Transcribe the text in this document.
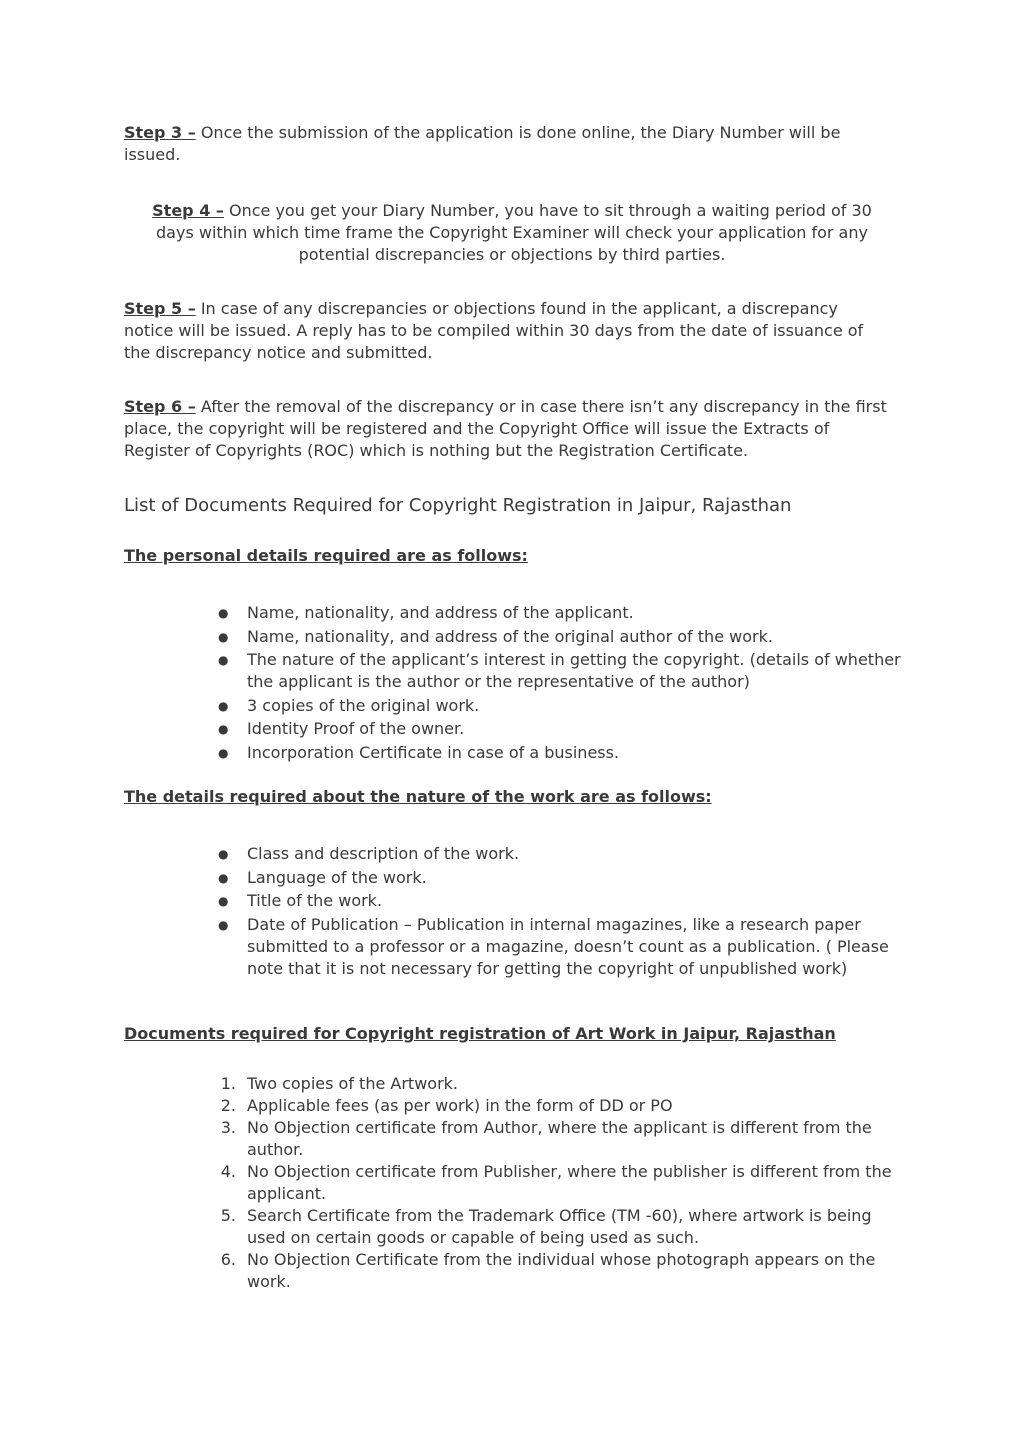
Step 3 – Once the submission of the application is done online, the Diary Number will be issued.

Step 4 – Once you get your Diary Number, you have to sit through a waiting period of 30 days within which time frame the Copyright Examiner will check your application for any potential discrepancies or objections by third parties.

Step 5 – In case of any discrepancies or objections found in the applicant, a discrepancy notice will be issued. A reply has to be compiled within 30 days from the date of issuance of the discrepancy notice and submitted.

Step 6 – After the removal of the discrepancy or in case there isn’t any discrepancy in the first place, the copyright will be registered and the Copyright Office will issue the Extracts of Register of Copyrights (ROC) which is nothing but the Registration Certificate.

List of Documents Required for Copyright Registration in Jaipur, Rajasthan

The personal details required are as follows:

● Name, nationality, and address of the applicant.
● Name, nationality, and address of the original author of the work.
● The nature of the applicant’s interest in getting the copyright. (details of whether the applicant is the author or the representative of the author)
● 3 copies of the original work.
● Identity Proof of the owner.
● Incorporation Certificate in case of a business.

The details required about the nature of the work are as follows:

● Class and description of the work.
● Language of the work.
● Title of the work.
● Date of Publication – Publication in internal magazines, like a research paper submitted to a professor or a magazine, doesn’t count as a publication. ( Please note that it is not necessary for getting the copyright of unpublished work)

Documents required for Copyright registration of Art Work in Jaipur, Rajasthan

1. Two copies of the Artwork.
2. Applicable fees (as per work) in the form of DD or PO
3. No Objection certificate from Author, where the applicant is different from the author.
4. No Objection certificate from Publisher, where the publisher is different from the applicant.
5. Search Certificate from the Trademark Office (TM -60), where artwork is being used on certain goods or capable of being used as such.
6. No Objection Certificate from the individual whose photograph appears on the work.
